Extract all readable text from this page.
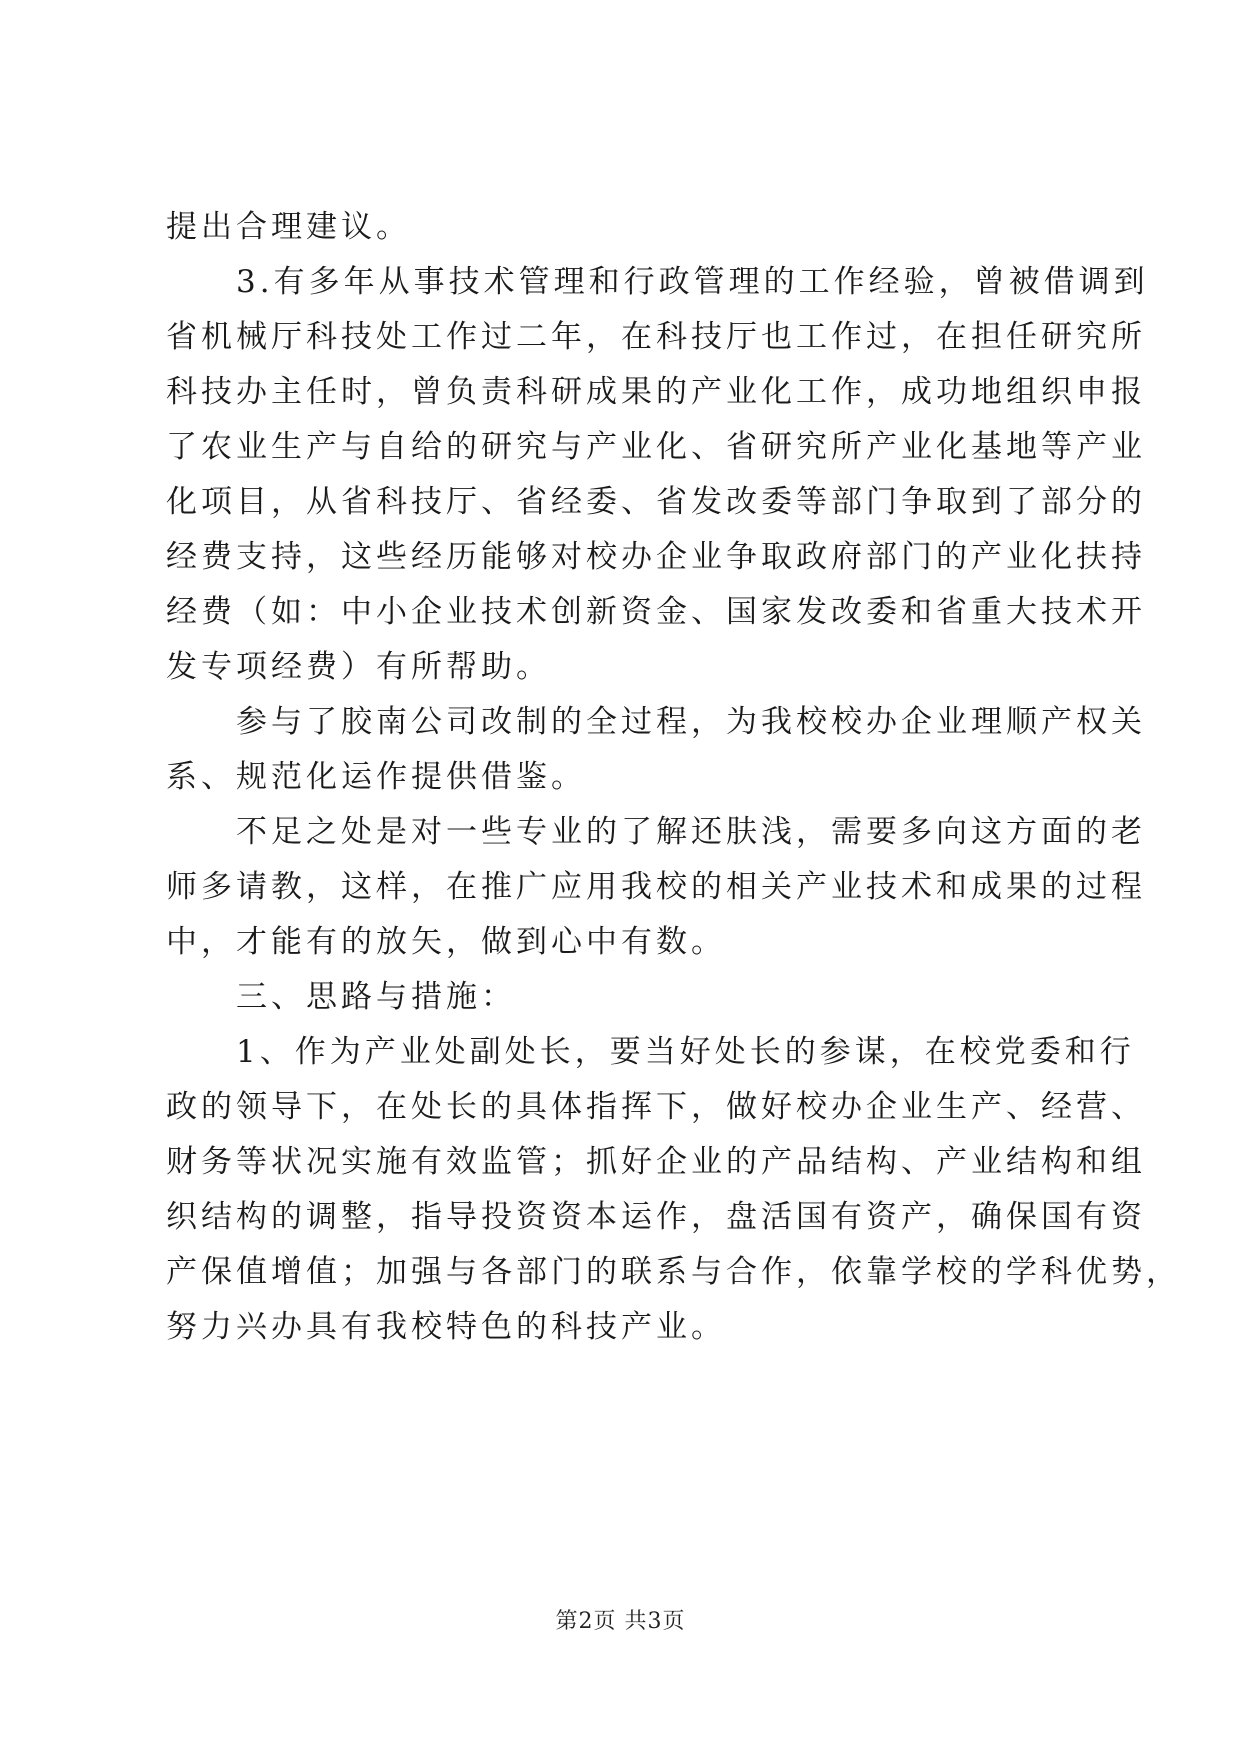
提出合理建议。
　　3.有多年从事技术管理和行政管理的工作经验，曾被借调到
省机械厅科技处工作过二年，在科技厅也工作过，在担任研究所
科技办主任时，曾负责科研成果的产业化工作，成功地组织申报
了农业生产与自给的研究与产业化、省研究所产业化基地等产业
化项目，从省科技厅、省经委、省发改委等部门争取到了部分的
经费支持，这些经历能够对校办企业争取政府部门的产业化扶持
经费（如：中小企业技术创新资金、国家发改委和省重大技术开
发专项经费）有所帮助。
　　参与了胶南公司改制的全过程，为我校校办企业理顺产权关
系、规范化运作提供借鉴。
　　不足之处是对一些专业的了解还肤浅，需要多向这方面的老
师多请教，这样，在推广应用我校的相关产业技术和成果的过程
中，才能有的放矢，做到心中有数。
　　三、思路与措施：
　　1、作为产业处副处长，要当好处长的参谋，在校党委和行
政的领导下，在处长的具体指挥下，做好校办企业生产、经营、
财务等状况实施有效监管；抓好企业的产品结构、产业结构和组
织结构的调整，指导投资资本运作，盘活国有资产，确保国有资
产保值增值；加强与各部门的联系与合作，依靠学校的学科优势，
努力兴办具有我校特色的科技产业。
第2页 共3页
